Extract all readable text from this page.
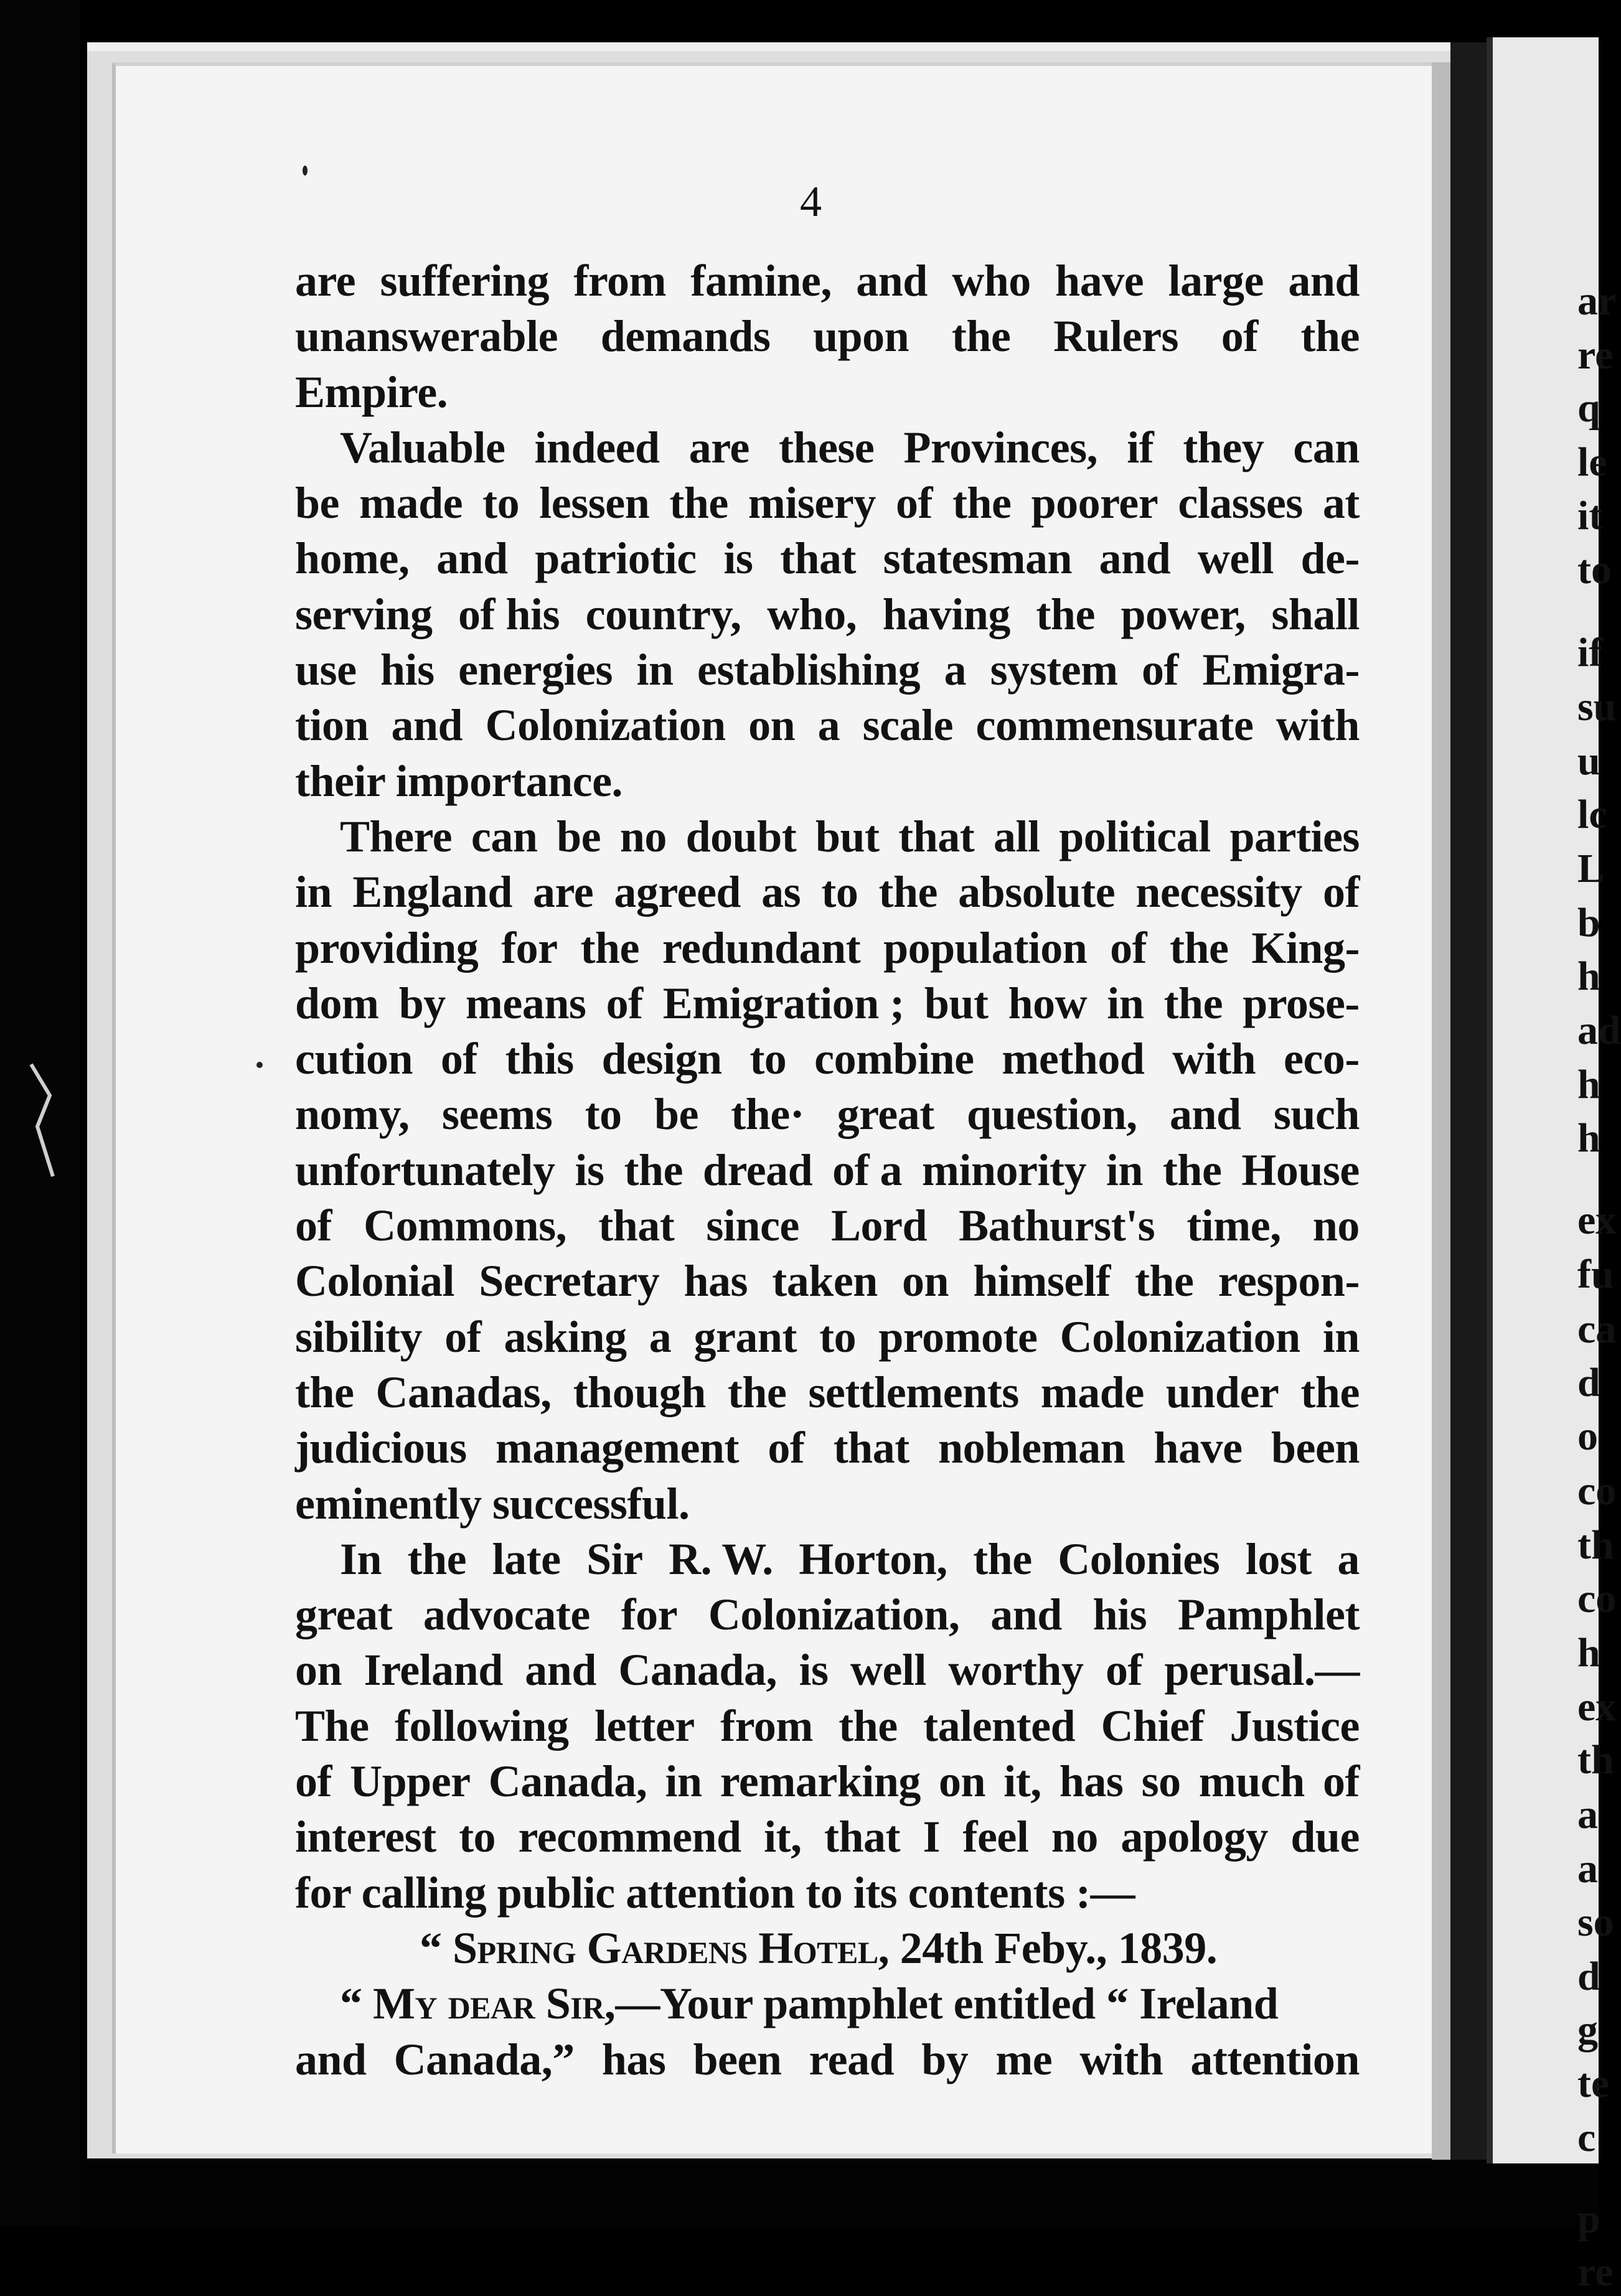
ar
re
q
le
it
to
if
su
u
lc
L
b
h
ad
h
h
ex
fu
ca
d
o
co
th
co
h
ex
th
a
a
so
d
g
te
c
p
re
4
are suffering from famine, and who have large and
unanswerable demands upon the Rulers of the
Empire.
Valuable indeed are these Provinces, if they can
be made to lessen the misery of the poorer classes at
home, and patriotic is that statesman and well de-
serving of his country, who, having the power, shall
use his energies in establishing a system of Emigra-
tion and Colonization on a scale commensurate with
their importance.
There can be no doubt but that all political parties
in England are agreed as to the absolute necessity of
providing for the redundant population of the King-
dom by means of Emigration ; but how in the prose-
cution of this design to combine method with eco-
nomy, seems to be the· great question, and such
unfortunately is the dread of a minority in the House
of Commons, that since Lord Bathurst's time, no
Colonial Secretary has taken on himself the respon-
sibility of asking a grant to promote Colonization in
the Canadas, though the settlements made under the
judicious management of that nobleman have been
eminently successful.
In the late Sir R. W. Horton, the Colonies lost a
great advocate for Colonization, and his Pamphlet
on Ireland and Canada, is well worthy of perusal.—
The following letter from the talented Chief Justice
of Upper Canada, in remarking on it, has so much of
interest to recommend it, that I feel no apology due
for calling public attention to its contents :—
“ Spring Gardens Hotel, 24th Feby., 1839.
“ My dear Sir,—Your pamphlet entitled “ Ireland
and Canada,” has been read by me with attention
